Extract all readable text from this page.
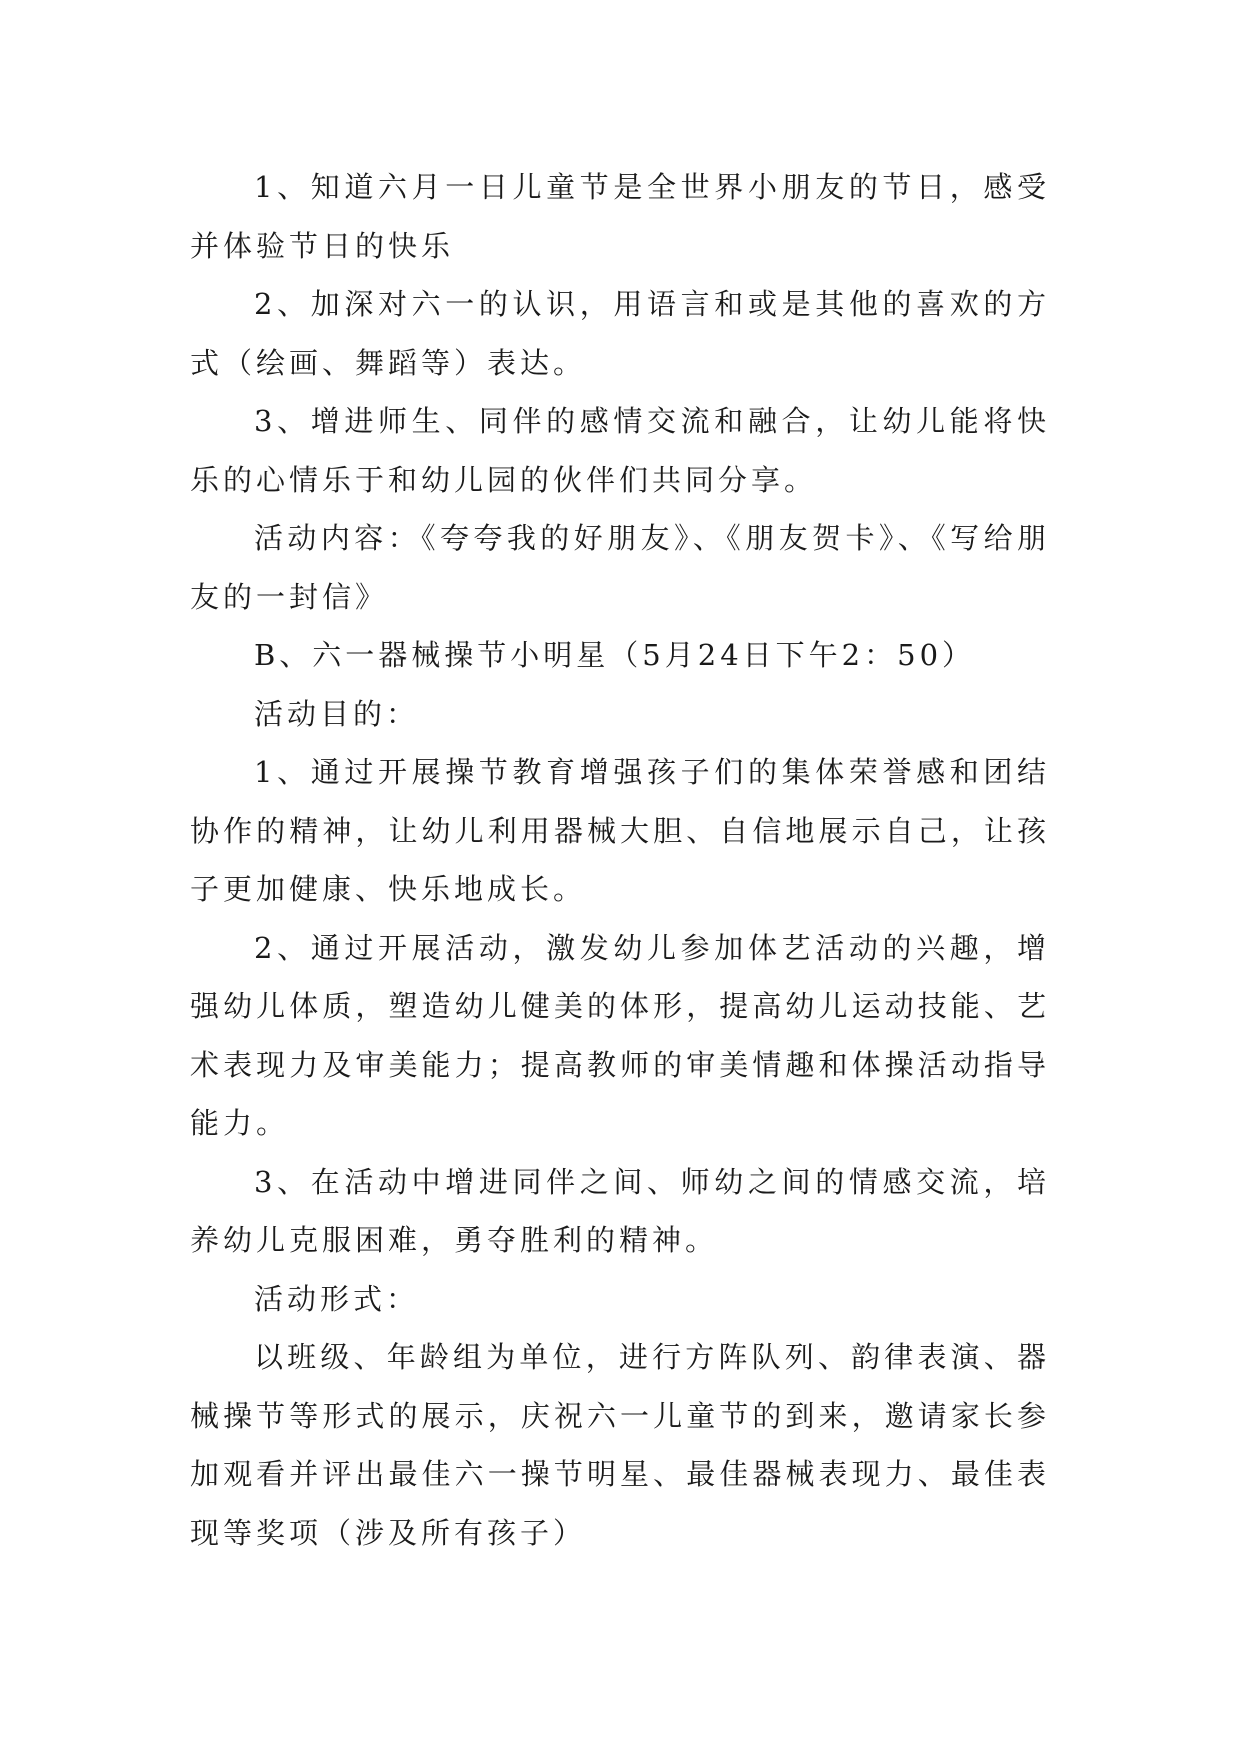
1、知道六月一日儿童节是全世界小朋友的节日，感受并体验节日的快乐

2、加深对六一的认识，用语言和或是其他的喜欢的方式（绘画、舞蹈等）表达。

3、增进师生、同伴的感情交流和融合，让幼儿能将快乐的心情乐于和幼儿园的伙伴们共同分享。

活动内容：《夸夸我的好朋友》、《朋友贺卡》、《写给朋友的一封信》

B、六一器械操节小明星（5月24日下午2：50）

活动目的：

1、通过开展操节教育增强孩子们的集体荣誉感和团结协作的精神，让幼儿利用器械大胆、自信地展示自己，让孩子更加健康、快乐地成长。

2、通过开展活动，激发幼儿参加体艺活动的兴趣，增强幼儿体质，塑造幼儿健美的体形，提高幼儿运动技能、艺术表现力及审美能力；提高教师的审美情趣和体操活动指导能力。

3、在活动中增进同伴之间、师幼之间的情感交流，培养幼儿克服困难，勇夺胜利的精神。

活动形式：

以班级、年龄组为单位，进行方阵队列、韵律表演、器械操节等形式的展示，庆祝六一儿童节的到来，邀请家长参加观看并评出最佳六一操节明星、最佳器械表现力、最佳表现等奖项（涉及所有孩子）
